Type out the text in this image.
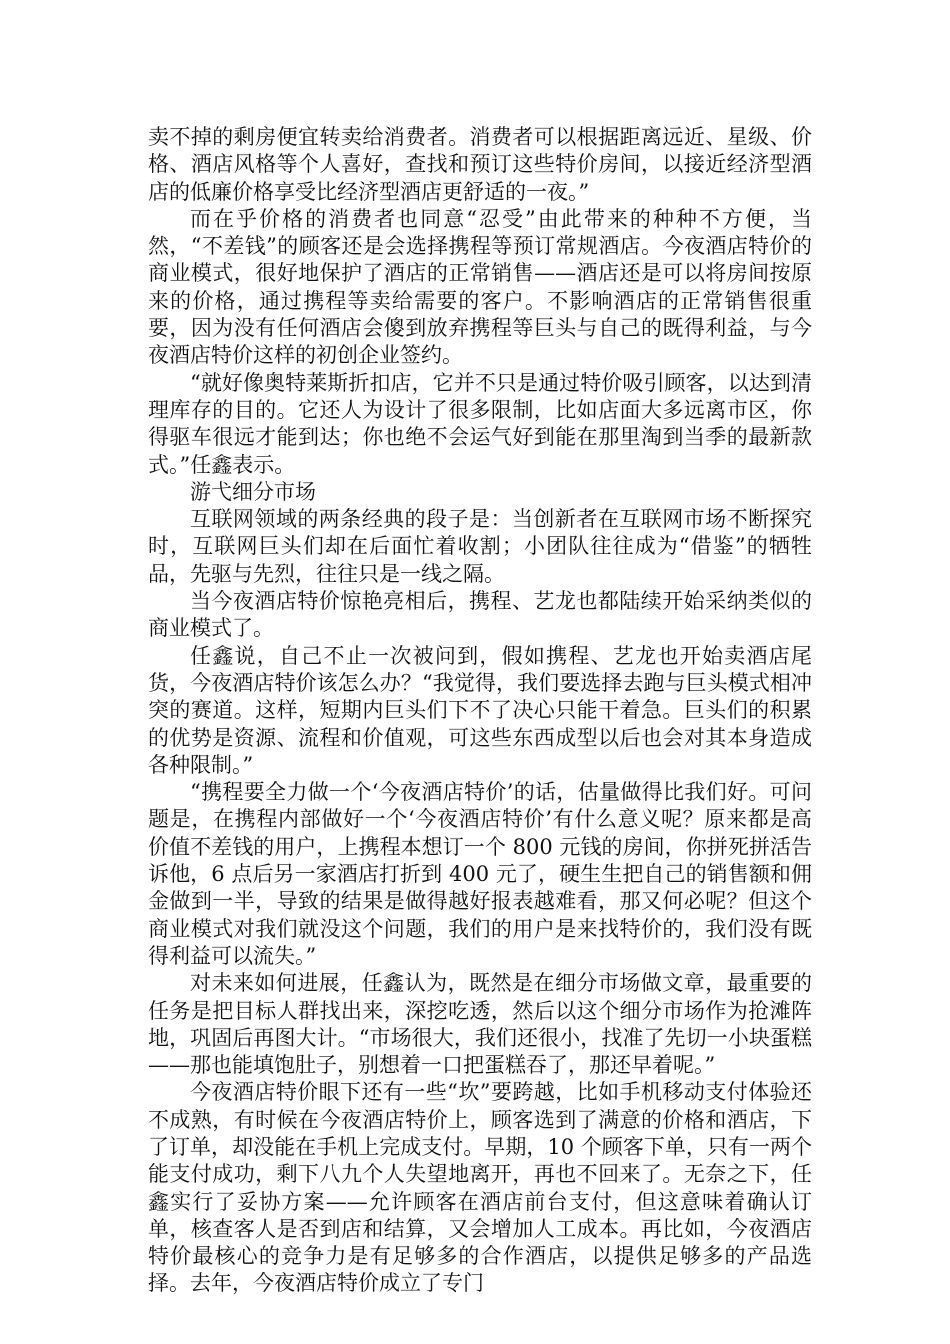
卖不掉的剩房便宜转卖给消费者。消费者可以根据距离远近、星级、价格、酒店风格等个人喜好，查找和预订这些特价房间，以接近经济型酒店的低廉价格享受比经济型酒店更舒适的一夜。”

而在乎价格的消费者也同意“忍受”由此带来的种种不方便，当然，“不差钱”的顾客还是会选择携程等预订常规酒店。今夜酒店特价的商业模式，很好地保护了酒店的正常销售——酒店还是可以将房间按原来的价格，通过携程等卖给需要的客户。不影响酒店的正常销售很重要，因为没有任何酒店会傻到放弃携程等巨头与自己的既得利益，与今夜酒店特价这样的初创企业签约。

“就好像奥特莱斯折扣店，它并不只是通过特价吸引顾客，以达到清理库存的目的。它还人为设计了很多限制，比如店面大多远离市区，你得驱车很远才能到达；你也绝不会运气好到能在那里淘到当季的最新款式。”任鑫表示。

游弋细分市场

互联网领域的两条经典的段子是：当创新者在互联网市场不断探究时，互联网巨头们却在后面忙着收割；小团队往往成为“借鉴”的牺牲品，先驱与先烈，往往只是一线之隔。

当今夜酒店特价惊艳亮相后，携程、艺龙也都陆续开始采纳类似的商业模式了。

任鑫说，自己不止一次被问到，假如携程、艺龙也开始卖酒店尾货，今夜酒店特价该怎么办？“我觉得，我们要选择去跑与巨头模式相冲突的赛道。这样，短期内巨头们下不了决心只能干着急。巨头们的积累的优势是资源、流程和价值观，可这些东西成型以后也会对其本身造成各种限制。”

“携程要全力做一个‘今夜酒店特价’的话，估量做得比我们好。可问题是，在携程内部做好一个‘今夜酒店特价’有什么意义呢？原来都是高价值不差钱的用户，上携程本想订一个 800 元钱的房间，你拼死拼活告诉他，6 点后另一家酒店打折到 400 元了，硬生生把自己的销售额和佣金做到一半，导致的结果是做得越好报表越难看，那又何必呢？但这个商业模式对我们就没这个问题，我们的用户是来找特价的，我们没有既得利益可以流失。”

对未来如何进展，任鑫认为，既然是在细分市场做文章，最重要的任务是把目标人群找出来，深挖吃透，然后以这个细分市场作为抢滩阵地，巩固后再图大计。“市场很大，我们还很小，找准了先切一小块蛋糕——那也能填饱肚子，别想着一口把蛋糕吞了，那还早着呢。”

今夜酒店特价眼下还有一些“坎”要跨越，比如手机移动支付体验还不成熟，有时候在今夜酒店特价上，顾客选到了满意的价格和酒店，下了订单，却没能在手机上完成支付。早期，10 个顾客下单，只有一两个能支付成功，剩下八九个人失望地离开，再也不回来了。无奈之下，任鑫实行了妥协方案——允许顾客在酒店前台支付，但这意味着确认订单，核查客人是否到店和结算，又会增加人工成本。再比如，今夜酒店特价最核心的竞争力是有足够多的合作酒店，以提供足够多的产品选择。去年，今夜酒店特价成立了专门
